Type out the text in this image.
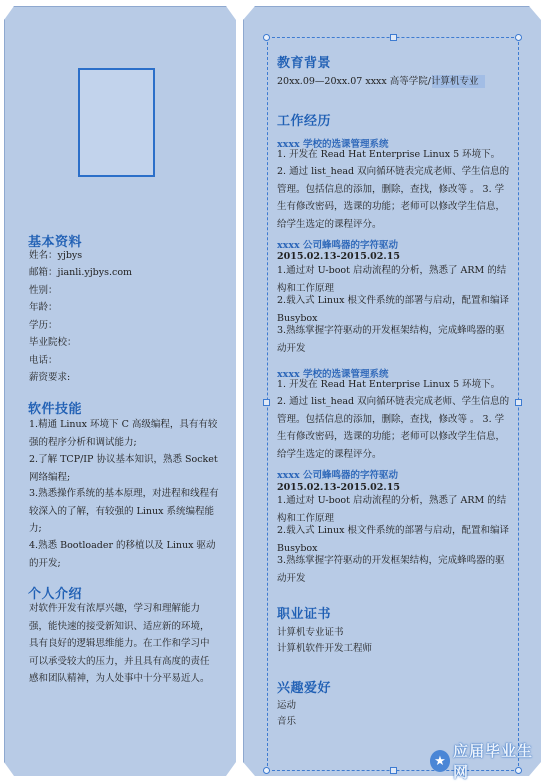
基本资料
姓名：yjbys
邮箱：jianli.yjbys.com
性别：
年龄：
学历：
毕业院校：
电话：
薪资要求:
软件技能
1.精通 Linux 环境下 C 高级编程，具有有较强的程序分析和调试能力;
2.了解 TCP/IP 协议基本知识，熟悉 Socket 网络编程;
3.熟悉操作系统的基本原理，对进程和线程有较深入的了解，有较强的 Linux 系统编程能力;
4.熟悉 Bootloader 的移植以及 Linux 驱动的开发;
个人介绍
对软件开发有浓厚兴趣，学习和理解能力强，能快速的接受新知识、适应新的环境，具有良好的逻辑思维能力。在工作和学习中可以承受较大的压力，并且具有高度的责任感和团队精神，为人处事中十分平易近人。
教育背景
20xx.09—20xx.07 xxxx 高等学院/计算机专业
工作经历
xxxx 学校的选课管理系统
1. 开发在 Read Hat Enterprise Linux 5 环境下。
2. 通过 list_head 双向循环链表完成老师、学生信息的管理。包括信息的添加，删除，查找，修改等 。 3. 学生有修改密码，选课的功能；老师可以修改学生信息，给学生选定的课程评分。
xxxx 公司蜂鸣器的字符驱动
2015.02.13-2015.02.15
1.通过对 U-boot 启动流程的分析，熟悉了 ARM 的结构和工作原理
2.载入式 Linux 根文件系统的部署与启动，配置和编译 Busybox
3.熟练掌握字符驱动的开发框架结构，完成蜂鸣器的驱动开发
xxxx 学校的选课管理系统
1. 开发在 Read Hat Enterprise Linux 5 环境下。
2. 通过 list_head 双向循环链表完成老师、学生信息的管理。包括信息的添加，删除，查找，修改等 。 3. 学生有修改密码，选课的功能；老师可以修改学生信息，给学生选定的课程评分。
xxxx 公司蜂鸣器的字符驱动
2015.02.13-2015.02.15
1.通过对 U-boot 启动流程的分析，熟悉了 ARM 的结构和工作原理
2.载入式 Linux 根文件系统的部署与启动，配置和编译 Busybox
3.熟练掌握字符驱动的开发框架结构，完成蜂鸣器的驱动开发
职业证书
计算机专业证书
计算机软件开发工程师
兴趣爱好
运动
音乐
★
应届毕业生网
